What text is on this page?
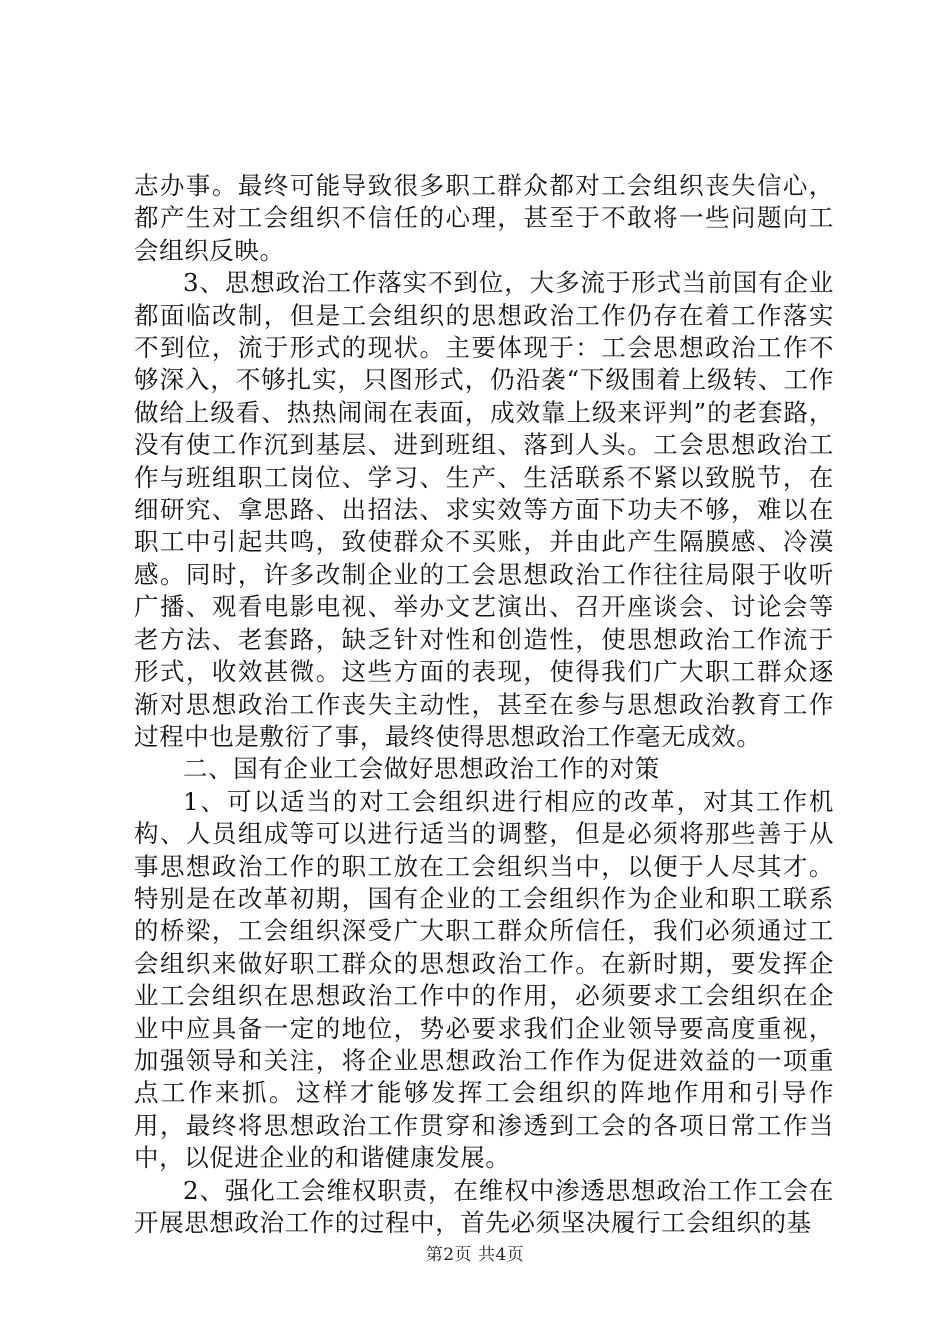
志办事。最终可能导致很多职工群众都对工会组织丧失信心，都产生对工会组织不信任的心理，甚至于不敢将一些问题向工会组织反映。

3、思想政治工作落实不到位，大多流于形式当前国有企业都面临改制，但是工会组织的思想政治工作仍存在着工作落实不到位，流于形式的现状。主要体现于：工会思想政治工作不够深入，不够扎实，只图形式，仍沿袭“下级围着上级转、工作做给上级看、热热闹闹在表面，成效靠上级来评判”的老套路，没有使工作沉到基层、进到班组、落到人头。工会思想政治工作与班组职工岗位、学习、生产、生活联系不紧以致脱节，在细研究、拿思路、出招法、求实效等方面下功夫不够，难以在职工中引起共鸣，致使群众不买账，并由此产生隔膜感、冷漠感。同时，许多改制企业的工会思想政治工作往往局限于收听广播、观看电影电视、举办文艺演出、召开座谈会、讨论会等老方法、老套路，缺乏针对性和创造性，使思想政治工作流于形式，收效甚微。这些方面的表现，使得我们广大职工群众逐渐对思想政治工作丧失主动性，甚至在参与思想政治教育工作过程中也是敷衍了事，最终使得思想政治工作毫无成效。

二、国有企业工会做好思想政治工作的对策

1、可以适当的对工会组织进行相应的改革，对其工作机构、人员组成等可以进行适当的调整，但是必须将那些善于从事思想政治工作的职工放在工会组织当中，以便于人尽其才。特别是在改革初期，国有企业的工会组织作为企业和职工联系的桥梁，工会组织深受广大职工群众所信任，我们必须通过工会组织来做好职工群众的思想政治工作。在新时期，要发挥企业工会组织在思想政治工作中的作用，必须要求工会组织在企业中应具备一定的地位，势必要求我们企业领导要高度重视，加强领导和关注，将企业思想政治工作作为促进效益的一项重点工作来抓。这样才能够发挥工会组织的阵地作用和引导作用，最终将思想政治工作贯穿和渗透到工会的各项日常工作当中，以促进企业的和谐健康发展。

2、强化工会维权职责，在维权中渗透思想政治工作工会在开展思想政治工作的过程中，首先必须坚决履行工会组织的基

第2页 共4页
